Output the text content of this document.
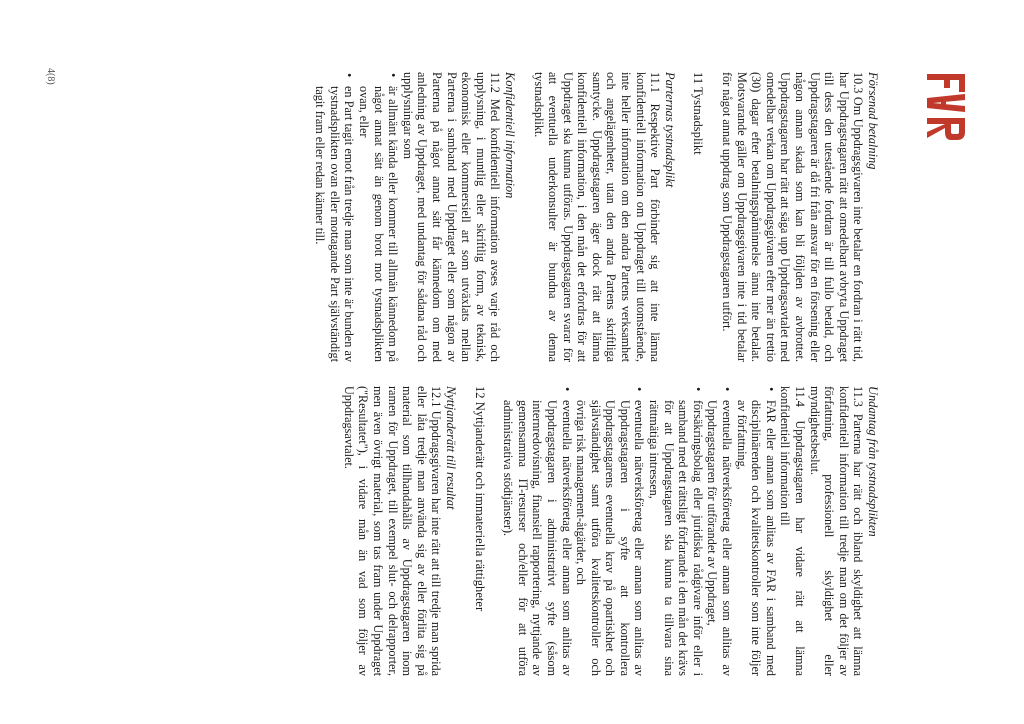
4(8)	Försenad betalning

10.3 Om Uppdragsgivaren inte betalar en fordran i rätt tid, har Uppdragstagaren rätt att omedelbart avbryta Uppdraget till dess den utestående fordran är till fullo betald, och Uppdragstagaren är då fri från ansvar för en försening eller någon annan skada som kan bli följden av avbrottet. Uppdragstagaren har rätt att säga upp Uppdragsavtalet med omedelbar verkan om Uppdragsgivaren efter mer än trettio (30) dagar efter betalningspåminnelse ännu inte betalat. Motsvarande gäller om Uppdragsgivaren inte i tid betalar för något annat uppdrag som Uppdragstagaren utfört.

11 Tystnadsplikt
Parternas tystnadsplikt

11.1 Respektive Part förbinder sig att inte lämna konfidentiell information om Uppdraget till utomstående, inte heller information om den andra Partens verksamhet och angelägenheter, utan den andra Partens skriftliga samtycke. Uppdragstagaren äger dock rätt att lämna konfidentiell information, i den mån det erfordras för att Uppdraget ska kunna utföras. Uppdragstagaren svarar för att eventuella underkonsulter är bundna av denna tystnadsplikt.

Konfidentiell information

11.2 Med konfidentiell information avses varje råd och upplysning, i muntlig eller skriftlig form, av teknisk, ekonomisk eller kommersiell art som utväxlats mellan Parterna i samband med Uppdraget eller som någon av Parterna på något annat sätt får kännedom om med anledning av Uppdraget, med undantag för sådana råd och upplysningar som

• är allmänt kända eller kommer till allmän kännedom på något annat sätt än genom brott mot tystnadsplikten ovan, eller
• en Part tagit emot från tredje man som inte är bunden av tystnadsplikten ovan eller mottagande Part självständigt tagit fram eller redan känner till.
Undantag från tystnadsplikten

11.3 Parterna har rätt och ibland skyldighet att lämna konfidentiell information till tredje man om det följer av författning, professionell skyldighet eller myndighetsbeslut.

11.4 Uppdragstagaren har vidare rätt att lämna konfidentiell information till

• FAR eller annan som anlitas av FAR i samband med disciplinärenden och kvalitetskontroller som inte följer av författning,
• eventuella nätverksföretag eller annan som anlitas av Uppdragstagaren för utförandet av Uppdraget,
• försäkringsbolag eller juridiska rådgivare inför eller i samband med ett rättsligt förfarande i den mån det krävs för att Uppdragstagaren ska kunna ta tillvara sina rättmätiga intressen,
• eventuella nätverksföretag eller annan som anlitas av Uppdragstagaren i syfte att kontrollera Uppdragstagarens eventuella krav på opartiskhet och självständighet samt utföra kvalitetskontroller och övriga risk management-åtgärder, och
• eventuella nätverksföretag eller annan som anlitas av Uppdragstagaren i administrativt syfte (såsom internredovisning, finansiell rapportering, nyttjande av gemensamma IT-resurser och/eller för att utföra administrativa stödtjänster).
12 Nyttjanderätt och immateriella rättigheter
Nyttjanderätt till resultat

12.1 Uppdragsgivaren har inte rätt att till tredje man sprida eller låta tredje man använda sig av eller förlita sig på material som tillhandahålls av Uppdragstagaren inom ramen för Uppdraget, till exempel slut- och delrapporter, men även övrigt material, som tas fram under Uppdraget ("Resultatet"), i vidare mån än vad som följer av Uppdragsavtalet.
